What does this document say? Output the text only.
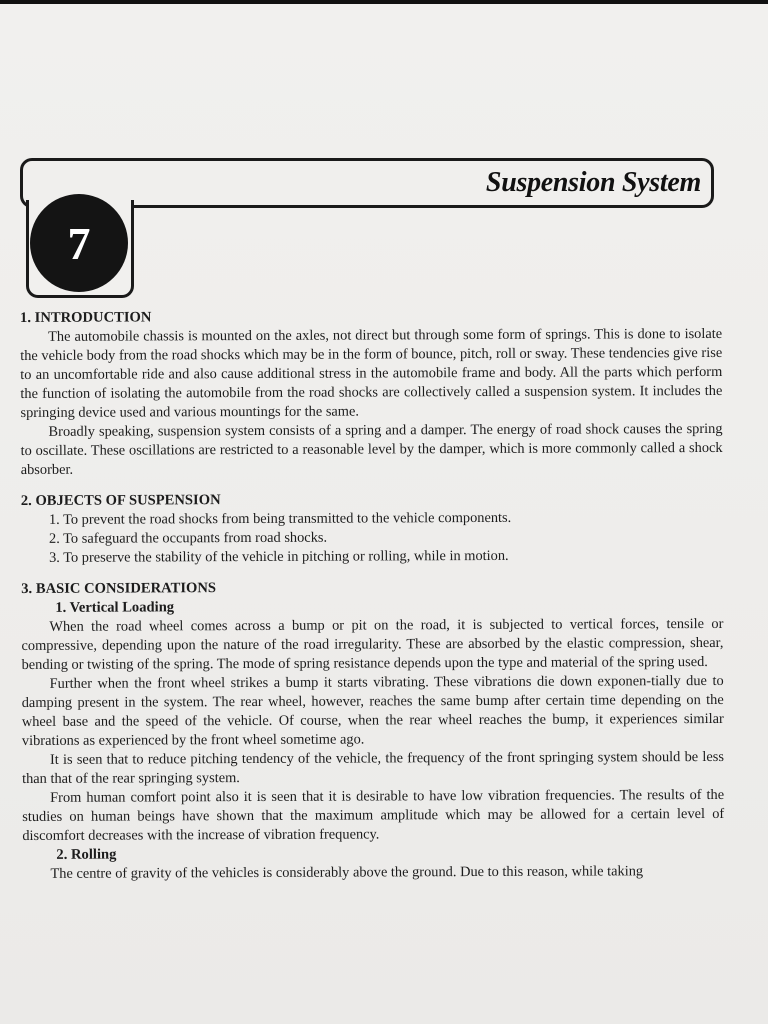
Suspension System
7
1. INTRODUCTION

The automobile chassis is mounted on the axles, not direct but through some form of springs. This is done to isolate the vehicle body from the road shocks which may be in the form of bounce, pitch, roll or sway. These tendencies give rise to an uncomfortable ride and also cause additional stress in the automobile frame and body. All the parts which perform the function of isolating the automobile from the road shocks are collectively called a suspension system. It includes the springing device used and various mountings for the same.

Broadly speaking, suspension system consists of a spring and a damper. The energy of road shock causes the spring to oscillate. These oscillations are restricted to a reasonable level by the damper, which is more commonly called a shock absorber.

2. OBJECTS OF SUSPENSION
1. To prevent the road shocks from being transmitted to the vehicle components.
2. To safeguard the occupants from road shocks.
3. To preserve the stability of the vehicle in pitching or rolling, while in motion.
3. BASIC CONSIDERATIONS
1. Vertical Loading

When the road wheel comes across a bump or pit on the road, it is subjected to vertical forces, tensile or compressive, depending upon the nature of the road irregularity. These are absorbed by the elastic compression, shear, bending or twisting of the spring. The mode of spring resistance depends upon the type and material of the spring used.

Further when the front wheel strikes a bump it starts vibrating. These vibrations die down exponen-tially due to damping present in the system. The rear wheel, however, reaches the same bump after certain time depending on the wheel base and the speed of the vehicle. Of course, when the rear wheel reaches the bump, it experiences similar vibrations as experienced by the front wheel sometime ago.

It is seen that to reduce pitching tendency of the vehicle, the frequency of the front springing system should be less than that of the rear springing system.

From human comfort point also it is seen that it is desirable to have low vibration frequencies. The results of the studies on human beings have shown that the maximum amplitude which may be allowed for a certain level of discomfort decreases with the increase of vibration frequency.

2. Rolling

The centre of gravity of the vehicles is considerably above the ground. Due to this reason, while taking
